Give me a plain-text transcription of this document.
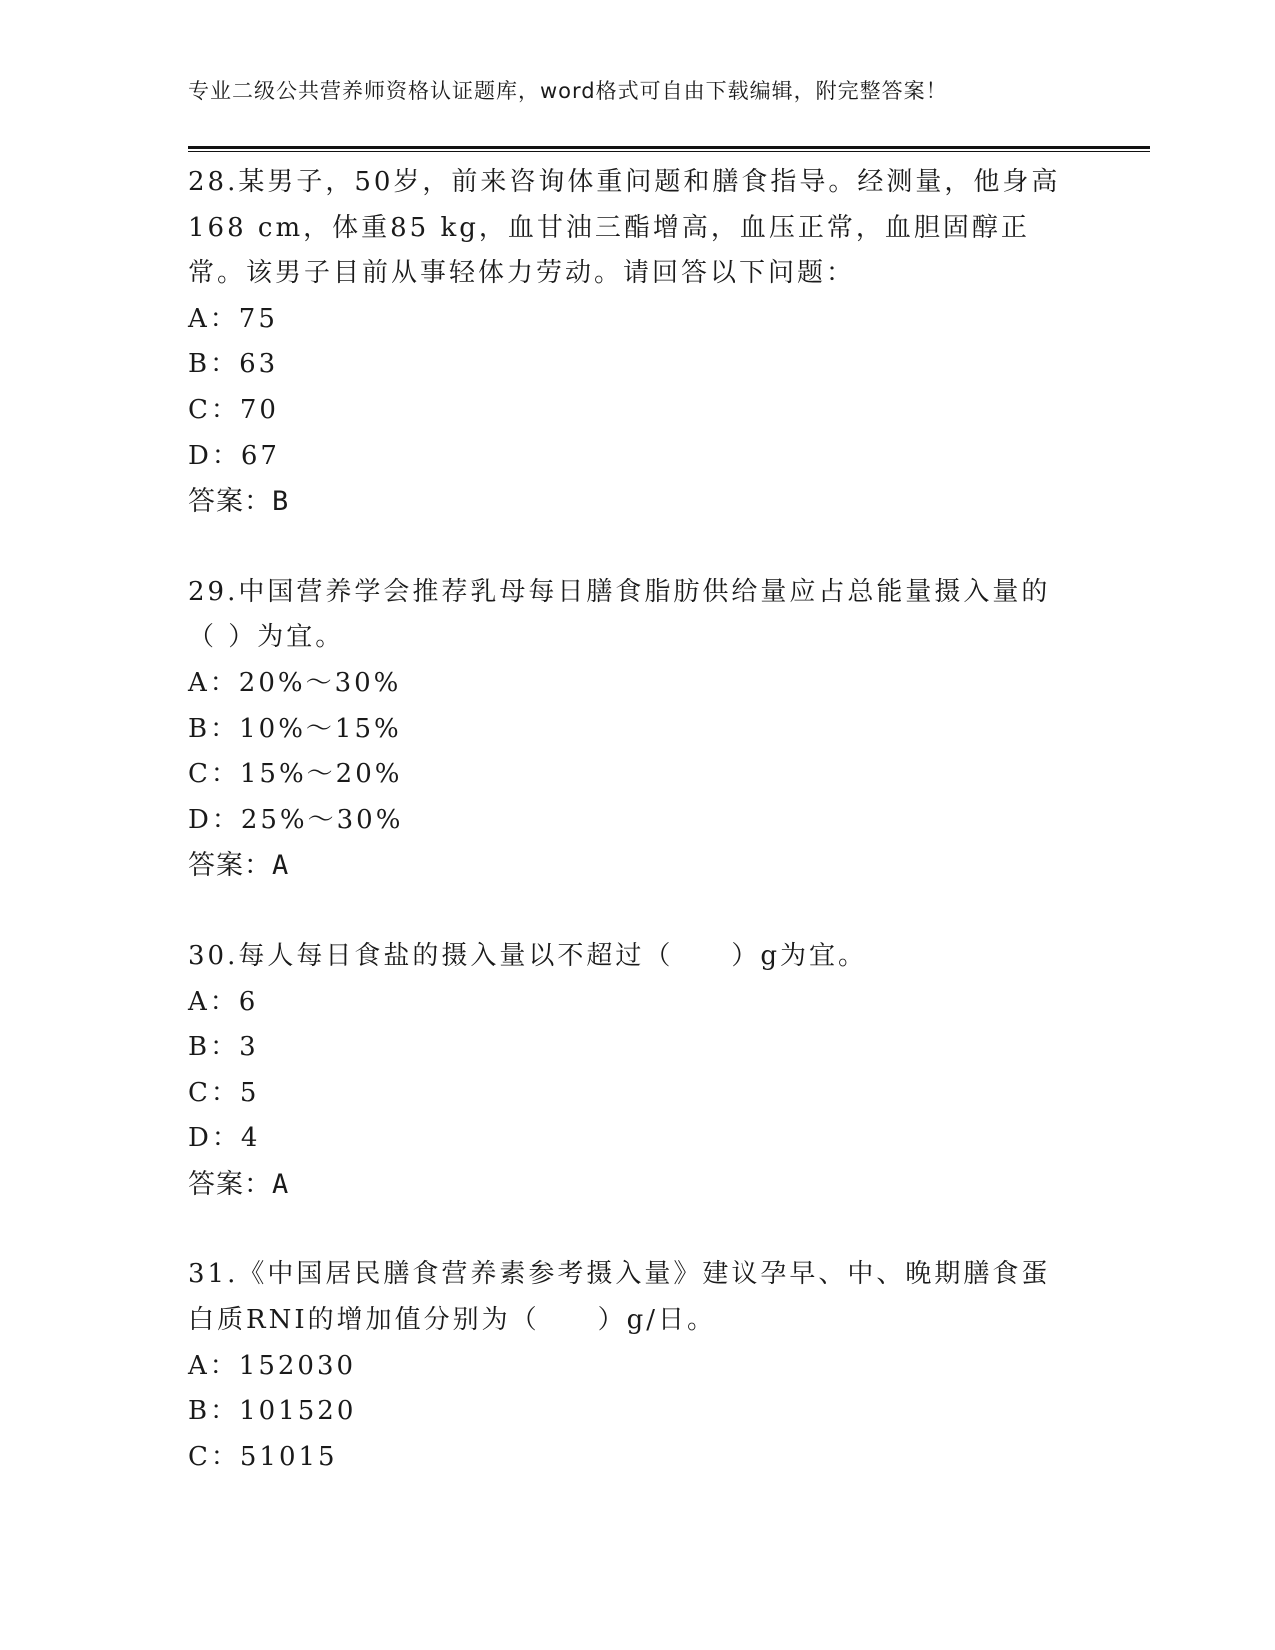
专业二级公共营养师资格认证题库，word格式可自由下载编辑，附完整答案！

28.某男子，50岁，前来咨询体重问题和膳食指导。经测量，他身高168 cm，体重85 kg，血甘油三酯增高，血压正常，血胆固醇正常。该男子目前从事轻体力劳动。请回答以下问题：

A：75

B：63

C：70

D：67

答案：B

29.中国营养学会推荐乳母每日膳食脂肪供给量应占总能量摄入量的（ ）为宜。

A：20%～30%

B：10%～15%

C：15%～20%

D：25%～30%

答案：A

30.每人每日食盐的摄入量以不超过（　　）g为宜。

A：6

B：3

C：5

D：4

答案：A

31.《中国居民膳食营养素参考摄入量》建议孕早、中、晚期膳食蛋白质RNI的增加值分别为（　　）g/日。

A：152030

B：101520

C：51015
